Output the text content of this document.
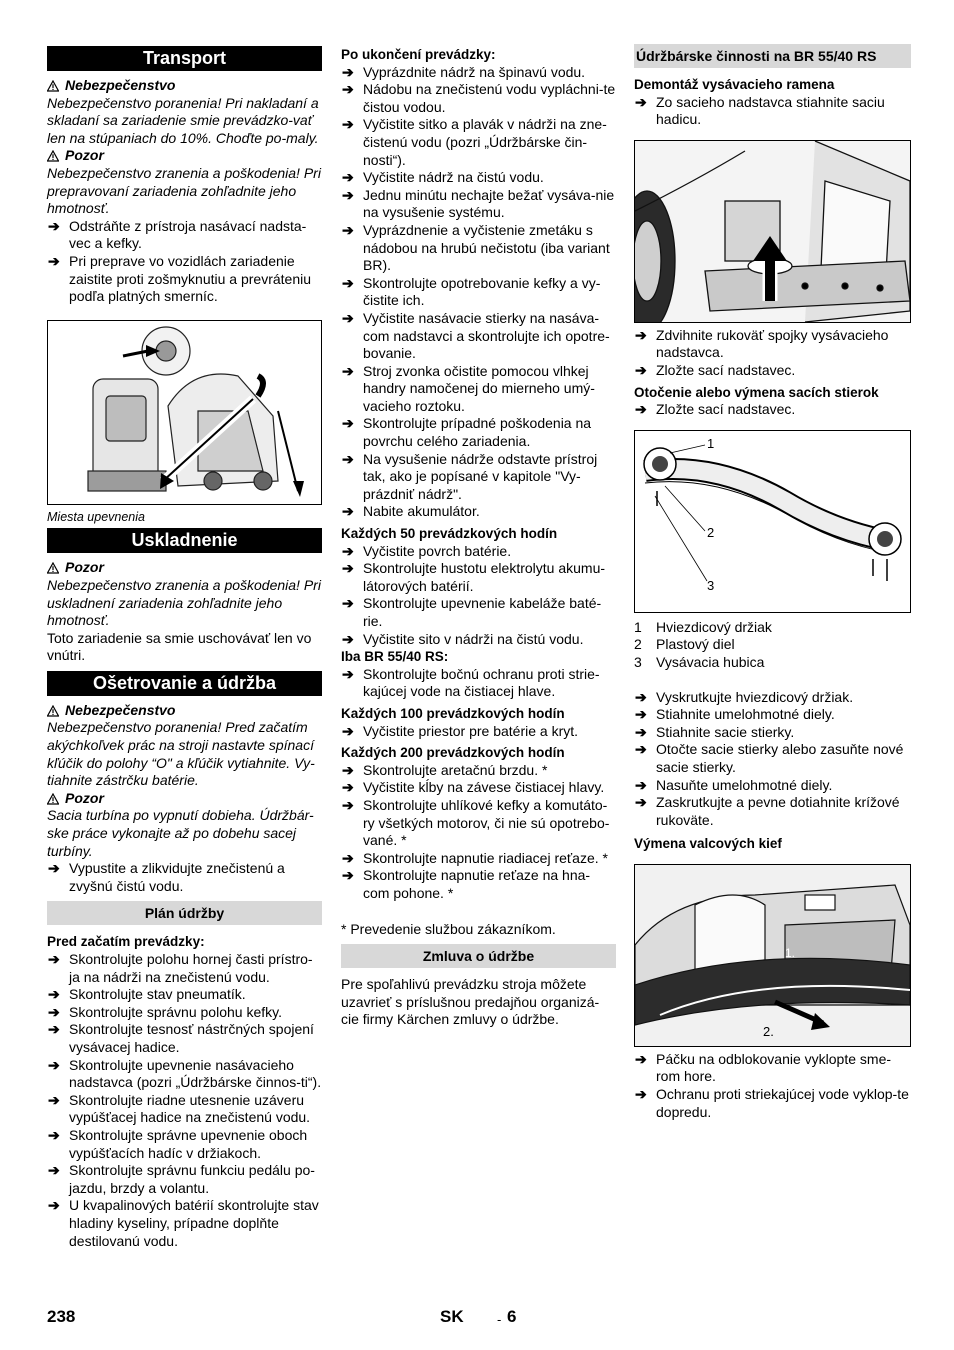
Transport
Nebezpečenstvo
Nebezpečenstvo poranenia! Pri nakladaní a skladaní sa zariadenie smie prevádzko-vať len na stúpaniach do 10%. Choďte po-maly.
Pozor
Nebezpečenstvo zranenia a poškodenia! Pri prepravovaní zariadenia zohľadnite jeho hmotnosť.
➔ Odstráňte z prístroja nasávací nadsta-vec a kefky.
➔ Pri preprave vo vozidlách zariadenie zaistite proti zošmyknutiu a prevráteniu podľa platných smerníc.
Miesta upevnenia
Uskladnenie
Pozor
Nebezpečenstvo zranenia a poškodenia! Pri uskladnení zariadenia zohľadnite jeho hmotnosť.
Toto zariadenie sa smie uschovávať len vo vnútri.
Ošetrovanie a údržba
Nebezpečenstvo
Nebezpečenstvo poranenia! Pred začatím akýchkoľvek prác na stroji nastavte spínací kľúčik do polohy “O" a kľúčik vytiahnite. Vy-tiahnite zástrčku batérie.
Pozor
Sacia turbína po vypnutí dobieha. Údržbár-ske práce vykonajte až po dobehu sacej turbíny.
➔ Vypustite a zlikvidujte znečistenú a zvyšnú čistú vodu.
Plán údržby
Pred začatím prevádzky:
➔ Skontrolujte polohu hornej časti prístro-ja na nádrži na znečistenú vodu.
➔ Skontrolujte stav pneumatík.
➔ Skontrolujte správnu polohu kefky.
➔ Skontrolujte tesnosť nástrčných spojení vysávacej hadice.
➔ Skontrolujte upevnenie nasávacieho nadstavca (pozri „Údržbárske činnos-ti“).
➔ Skontrolujte riadne utesnenie uzáveru vypúšťacej hadice na znečistenú vodu.
➔ Skontrolujte správne upevnenie oboch vypúšťacích hadíc v držiakoch.
➔ Skontrolujte správnu funkciu pedálu po-jazdu, brzdy a volantu.
➔ U kvapalinových batérií skontrolujte stav hladiny kyseliny, prípadne doplňte destilovanú vodu.
Po ukončení prevádzky:
➔ Vyprázdnite nádrž na špinavú vodu.
➔ Nádobu na znečistenú vodu vypláchni-te čistou vodou.
➔ Vyčistite sitko a plavák v nádrži na zne-čistenú vodu (pozri „Údržbárske čin-nosti“).
➔ Vyčistite nádrž na čistú vodu.
➔ Jednu minútu nechajte bežať vysáva-nie na vysušenie systému.
➔ Vyprázdnenie a vyčistenie zmetáku s nádobou na hrubú nečistotu (iba variant BR).
➔ Skontrolujte opotrebovanie kefky a vy-čistite ich.
➔ Vyčistite nasávacie stierky na nasáva-com nadstavci a skontrolujte ich opotre-bovanie.
➔ Stroj zvonka očistite pomocou vlhkej handry namočenej do mierneho umý-vacieho roztoku.
➔ Skontrolujte prípadné poškodenia na povrchu celého zariadenia.
➔ Na vysušenie nádrže odstavte prístroj tak, ako je popísané v kapitole "Vy-prázdniť nádrž".
➔ Nabite akumulátor.
Každých 50 prevádzkových hodín
➔ Vyčistite povrch batérie.
➔ Skontrolujte hustotu elektrolytu akumu-látorových batérií.
➔ Skontrolujte upevnenie kabeláže baté-rie.
➔ Vyčistite sito v nádrži na čistú vodu.
Iba BR 55/40 RS:
➔ Skontrolujte bočnú ochranu proti strie-kajúcej vode na čistiacej hlave.
Každých 100 prevádzkových hodín
➔ Vyčistite priestor pre batérie a kryt.
Každých 200 prevádzkových hodín
➔ Skontrolujte aretačnú brzdu. *
➔ Vyčistite kĺby na závese čistiacej hlavy.
➔ Skontrolujte uhlíkové kefky a komutáto-ry všetkých motorov, či nie sú opotrebo-vané. *
➔ Skontrolujte napnutie riadiacej reťaze. *
➔ Skontrolujte napnutie reťaze na hna-com pohone. *
* Prevedenie službou zákazníkom.
Zmluva o údržbe
Pre spoľahlivú prevádzku stroja môžete uzavrieť s príslušnou predajňou organizá-cie firmy Kärchen zmluvy o údržbe.
Údržbárske činnosti na BR 55/40 RS
Demontáž vysávacieho ramena
➔ Zo sacieho nadstavca stiahnite saciu hadicu.
➔ Zdvihnite rukoväť spojky vysávacieho nadstavca.
➔ Zložte sací nadstavec.
Otočenie alebo výmena sacích stierok
➔ Zložte sací nadstavec.
1
2
3
1	Hviezdicový držiak
2	Plastový diel
3	Vysávacia hubica
➔ Vyskrutkujte hviezdicový držiak.
➔ Stiahnite umelohmotné diely.
➔ Stiahnite sacie stierky.
➔ Otočte sacie stierky alebo zasuňte nové sacie stierky.
➔ Nasuňte umelohmotné diely.
➔ Zaskrutkujte a pevne dotiahnite krížové rukoväte.
Výmena valcových kief
1.
2.
➔ Páčku na odblokovanie vyklopte sme-rom hore.
➔ Ochranu proti striekajúcej vode vyklop-te dopredu.
238	SK	- 6
